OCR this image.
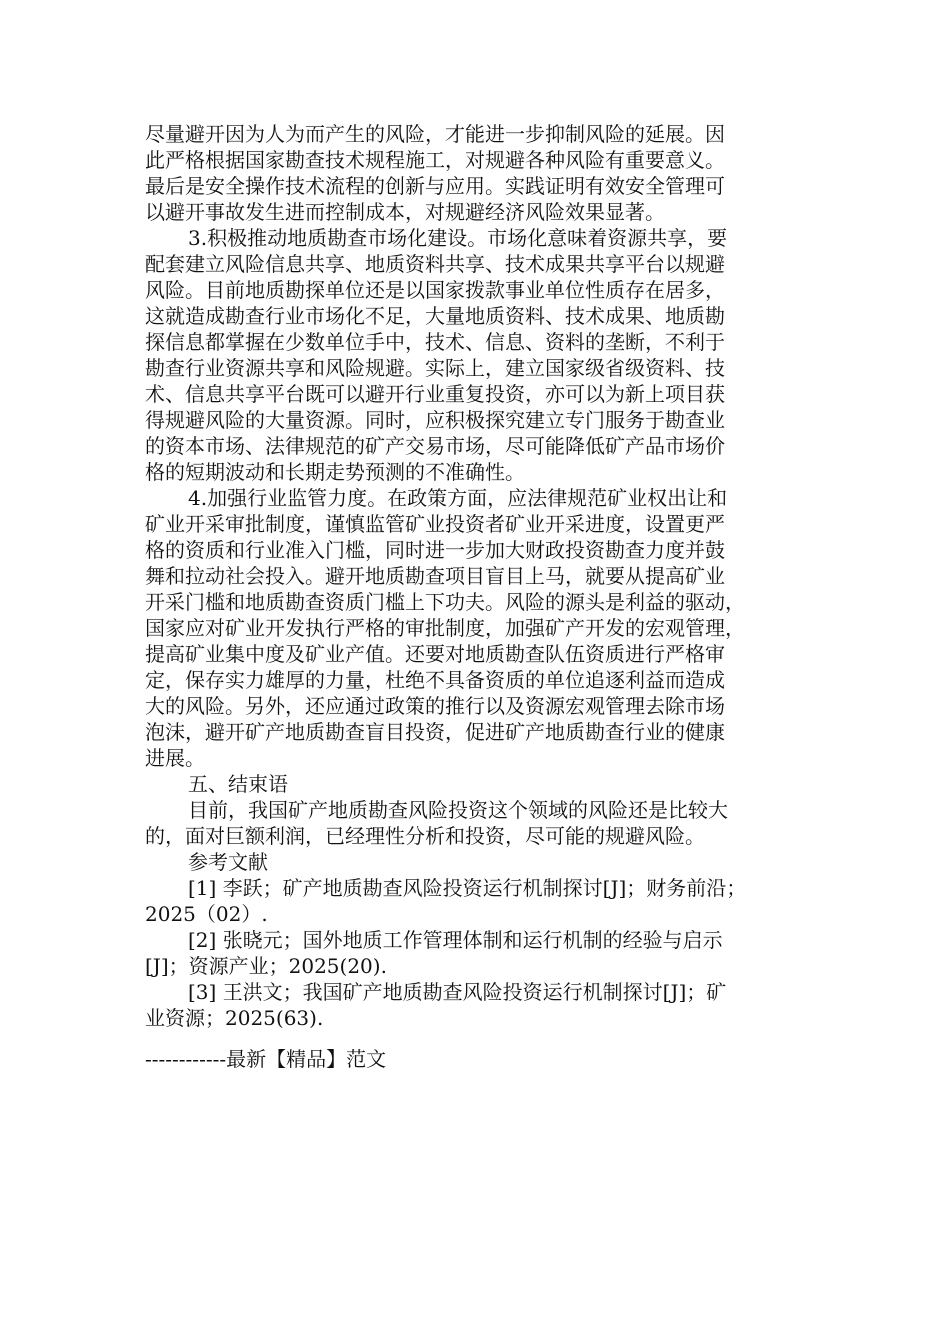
尽量避开因为人为而产生的风险，才能进一步抑制风险的延展。因
此严格根据国家勘查技术规程施工，对规避各种风险有重要意义。
最后是安全操作技术流程的创新与应用。实践证明有效安全管理可
以避开事故发生进而控制成本，对规避经济风险效果显著。
3.积极推动地质勘查市场化建设。市场化意味着资源共享，要
配套建立风险信息共享、地质资料共享、技术成果共享平台以规避
风险。目前地质勘探单位还是以国家拨款事业单位性质存在居多，
这就造成勘查行业市场化不足，大量地质资料、技术成果、地质勘
探信息都掌握在少数单位手中，技术、信息、资料的垄断，不利于
勘查行业资源共享和风险规避。实际上，建立国家级省级资料、技
术、信息共享平台既可以避开行业重复投资，亦可以为新上项目获
得规避风险的大量资源。同时，应积极探究建立专门服务于勘查业
的资本市场、法律规范的矿产交易市场，尽可能降低矿产品市场价
格的短期波动和长期走势预测的不准确性。
4.加强行业监管力度。在政策方面，应法律规范矿业权出让和
矿业开采审批制度，谨慎监管矿业投资者矿业开采进度，设置更严
格的资质和行业准入门槛，同时进一步加大财政投资勘查力度并鼓
舞和拉动社会投入。避开地质勘查项目盲目上马，就要从提高矿业
开采门槛和地质勘查资质门槛上下功夫。风险的源头是利益的驱动，
国家应对矿业开发执行严格的审批制度，加强矿产开发的宏观管理，
提高矿业集中度及矿业产值。还要对地质勘查队伍资质进行严格审
定，保存实力雄厚的力量，杜绝不具备资质的单位追逐利益而造成
大的风险。另外，还应通过政策的推行以及资源宏观管理去除市场
泡沫，避开矿产地质勘查盲目投资，促进矿产地质勘查行业的健康
进展。
五、结束语
目前，我国矿产地质勘查风险投资这个领域的风险还是比较大
的，面对巨额利润，已经理性分析和投资，尽可能的规避风险。
参考文献
[1] 李跃；矿产地质勘查风险投资运行机制探讨[J]；财务前沿；
2025（02）.
[2] 张晓元；国外地质工作管理体制和运行机制的经验与启示
[J]；资源产业；2025(20).
[3] 王洪文；我国矿产地质勘查风险投资运行机制探讨[J]；矿
业资源；2025(63).
------------最新【精品】范文
